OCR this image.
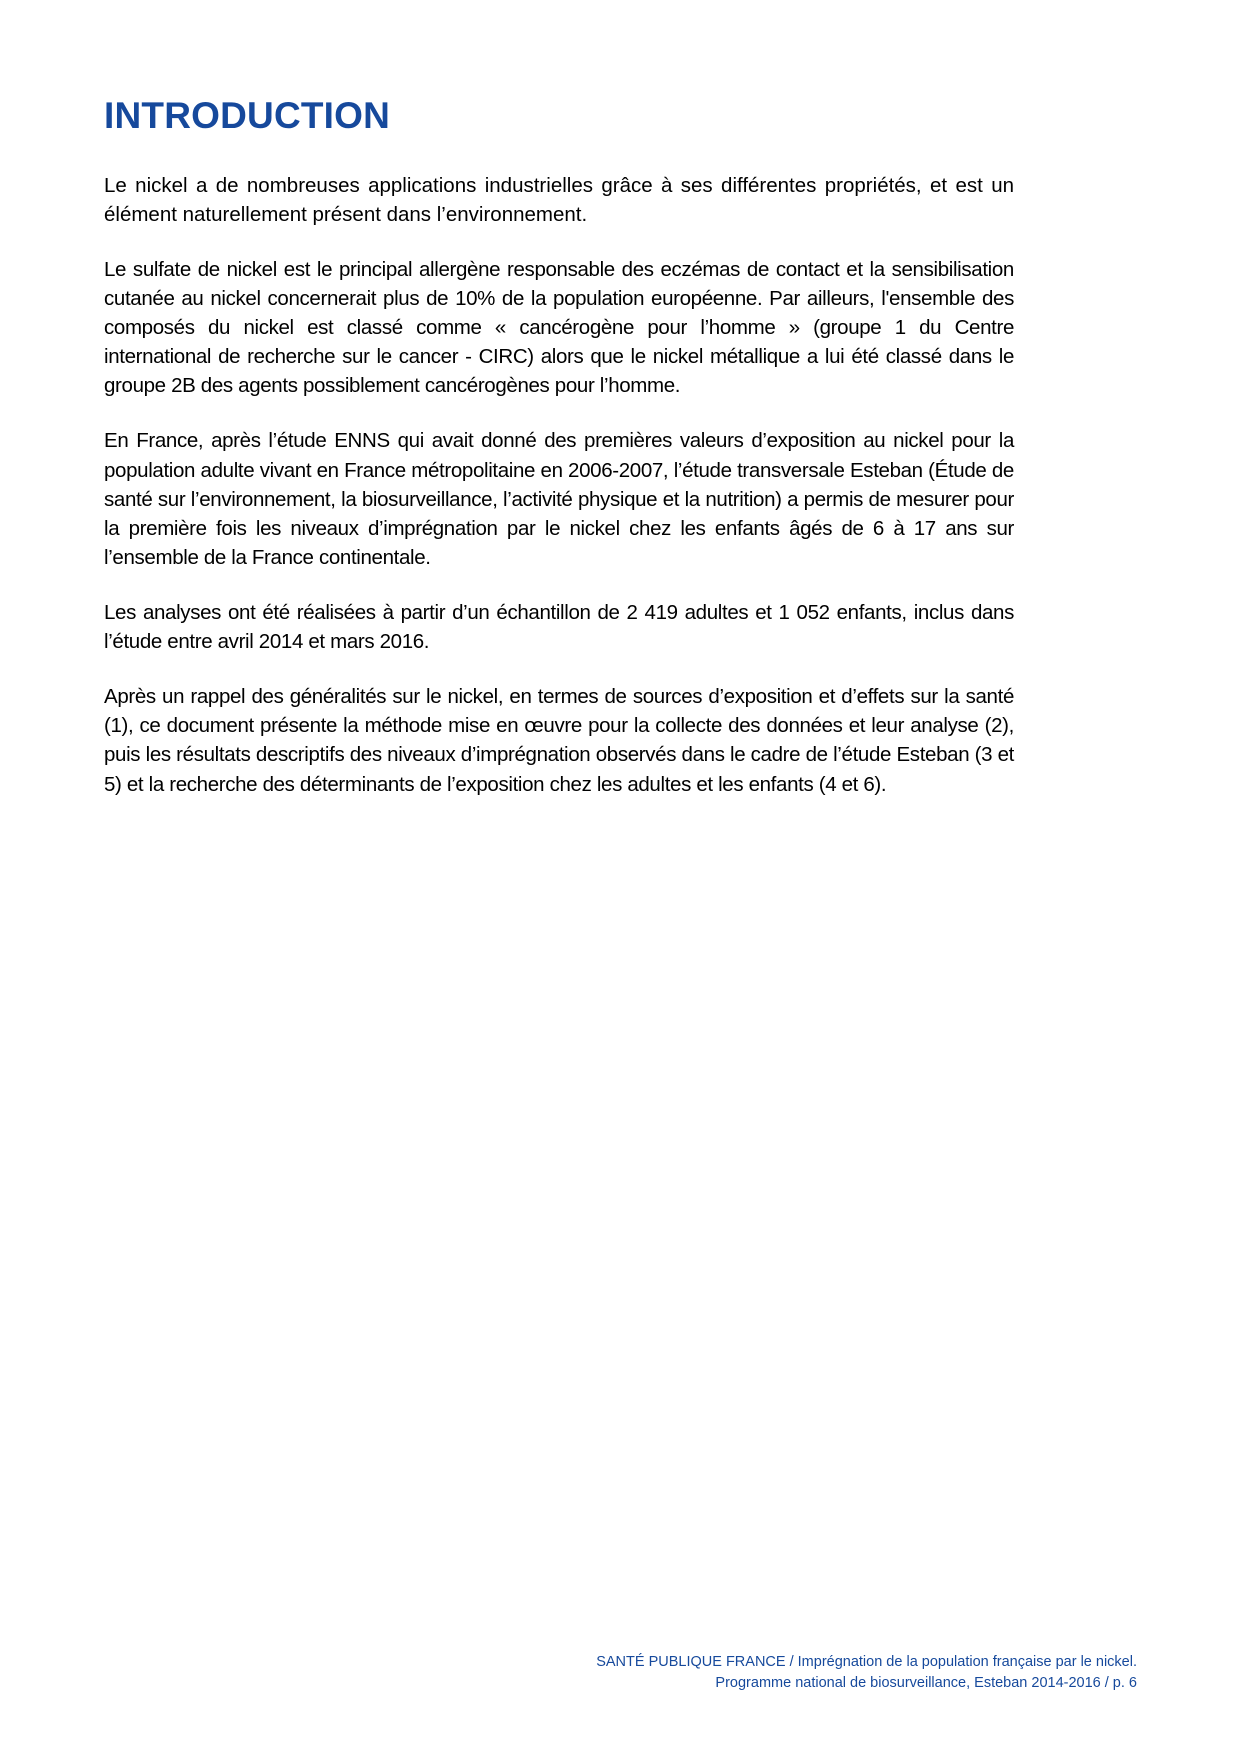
INTRODUCTION

Le nickel a de nombreuses applications industrielles grâce à ses différentes propriétés, et est un élément naturellement présent dans l’environnement.

Le sulfate de nickel est le principal allergène responsable des eczémas de contact et la sensibilisation cutanée au nickel concernerait plus de 10% de la population européenne. Par ailleurs, l'ensemble des composés du nickel est classé comme « cancérogène pour l’homme » (groupe 1 du Centre international de recherche sur le cancer - CIRC) alors que le nickel métallique a lui été classé dans le groupe 2B des agents possiblement cancérogènes pour l’homme.

En France, après l’étude ENNS qui avait donné des premières valeurs d’exposition au nickel pour la population adulte vivant en France métropolitaine en 2006-2007, l’étude transversale Esteban (Étude de santé sur l’environnement, la biosurveillance, l’activité physique et la nutrition) a permis de mesurer pour la première fois les niveaux d’imprégnation par le nickel chez les enfants âgés de 6 à 17 ans sur l’ensemble de la France continentale.

Les analyses ont été réalisées à partir d’un échantillon de 2 419 adultes et 1 052 enfants, inclus dans l’étude entre avril 2014 et mars 2016.

Après un rappel des généralités sur le nickel, en termes de sources d’exposition et d’effets sur la santé (1), ce document présente la méthode mise en œuvre pour la collecte des données et leur analyse (2), puis les résultats descriptifs des niveaux d’imprégnation observés dans le cadre de l’étude Esteban (3 et 5) et la recherche des déterminants de l’exposition chez les adultes et les enfants (4 et 6).

SANTÉ PUBLIQUE FRANCE / Imprégnation de la population française par le nickel.
Programme national de biosurveillance, Esteban 2014-2016 / p. 6
